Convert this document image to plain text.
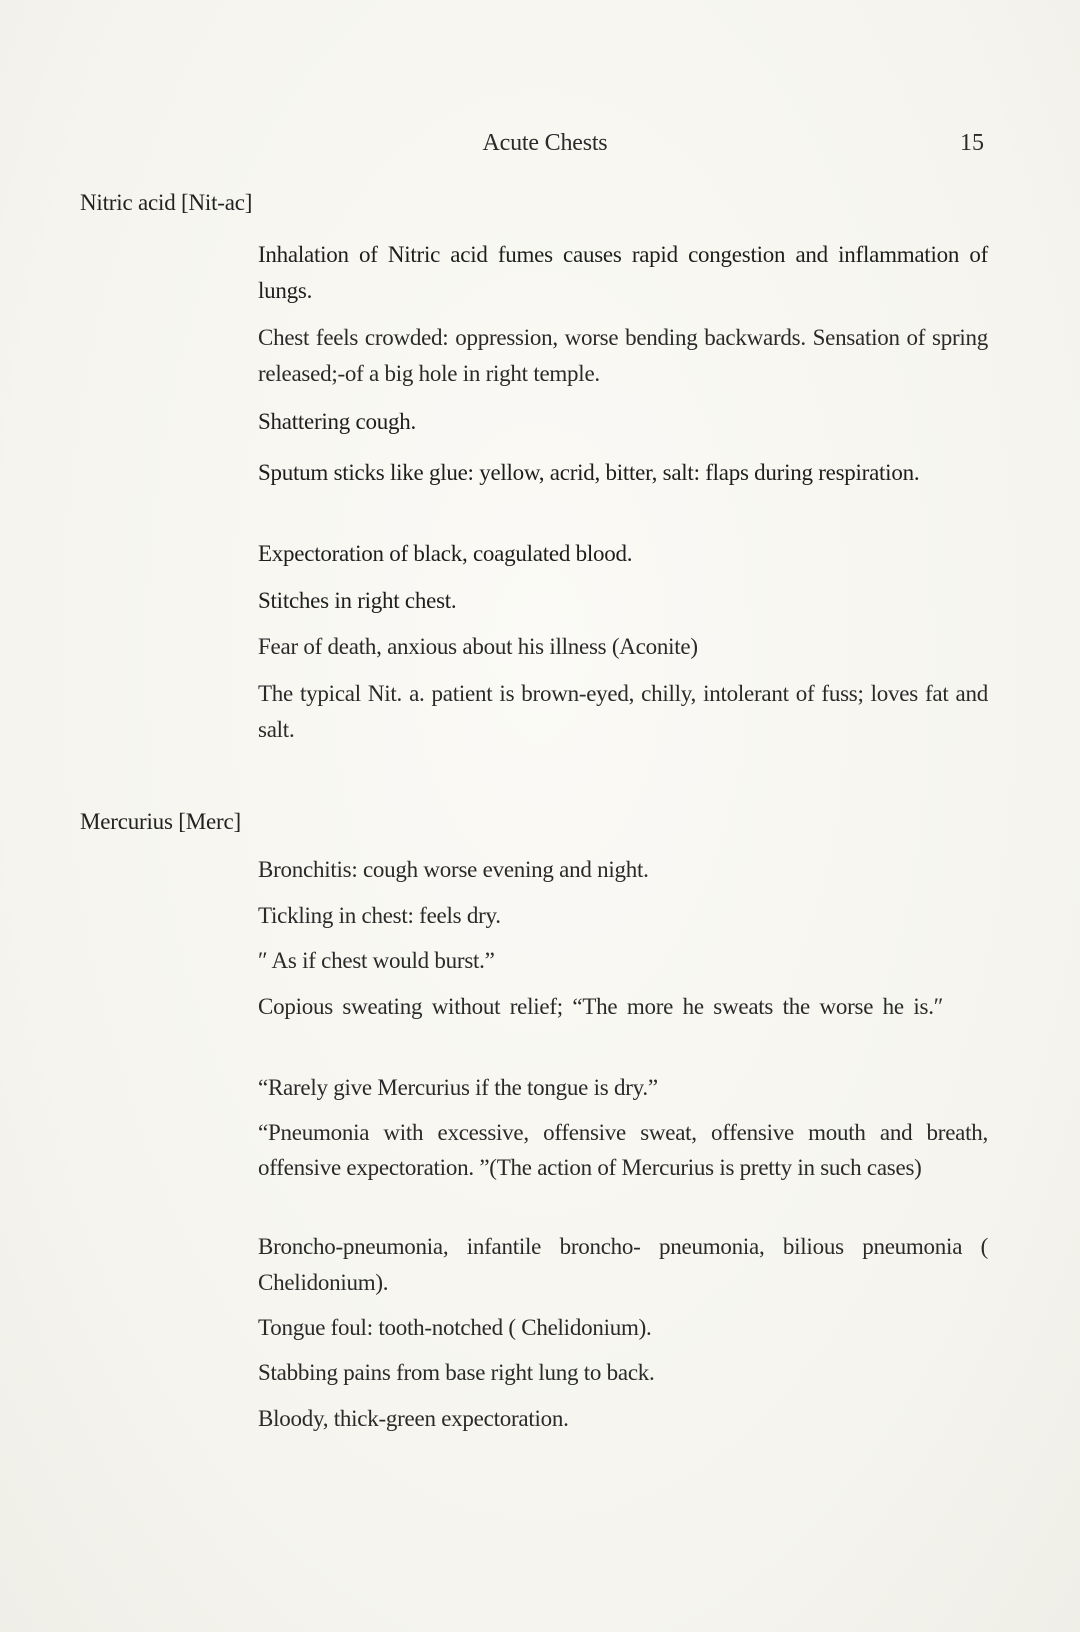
Acute Chests	15
Nitric acid [Nit-ac]

Inhalation of Nitric acid fumes causes rapid congestion and inflammation of lungs.

Chest feels crowded: oppression, worse bending backwards. Sensation of spring released;-of a big hole in right temple.

Shattering cough.

Sputum sticks like glue: yellow, acrid, bitter, salt: flaps during respiration.

Expectoration of black, coagulated blood.

Stitches in right chest.

Fear of death, anxious about his illness (Aconite)

The typical Nit. a. patient is brown-eyed, chilly, intolerant of fuss; loves fat and salt.

Mercurius [Merc]

Bronchitis: cough worse evening and night.

Tickling in chest: feels dry.

″ As if chest would burst.”

Copious sweating without relief; “The more he sweats the worse he is.″

“Rarely give Mercurius if the tongue is dry.”

“Pneumonia with excessive, offensive sweat, offensive mouth and breath, offensive expectoration. ”(The action of Mercurius is pretty in such cases)

Broncho-pneumonia, infantile broncho- pneumonia, bilious pneumonia ( Chelidonium).

Tongue foul: tooth-notched ( Chelidonium).

Stabbing pains from base right lung to back.

Bloody, thick-green expectoration.
